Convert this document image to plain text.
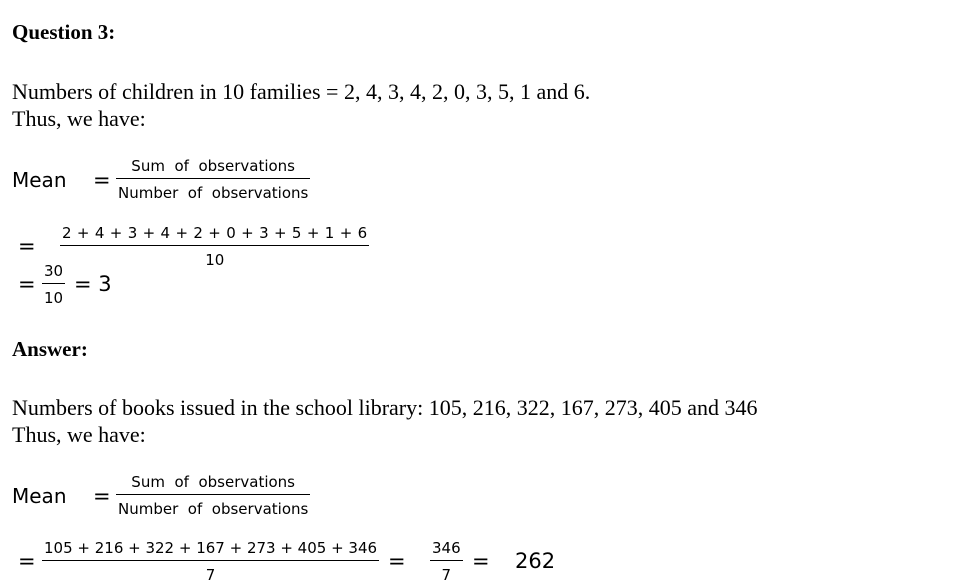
Question 3:
Numbers of children in 10 families = 2, 4, 3, 4, 2, 0, 3, 5, 1 and 6.
Thus, we have:
Mean =
Sum  of  observations
Number  of  observations
=
2 + 4 + 3 + 4 + 2 + 0 + 3 + 5 + 1 + 6
10
=
30
10
= 3
Answer:
Numbers of books issued in the school library: 105, 216, 322, 167, 273, 405 and 346
Thus, we have:
Mean =
Sum  of  observations
Number  of  observations
=
105 + 216 + 322 + 167 + 273 + 405 + 346
7
=
346
7
= 262
